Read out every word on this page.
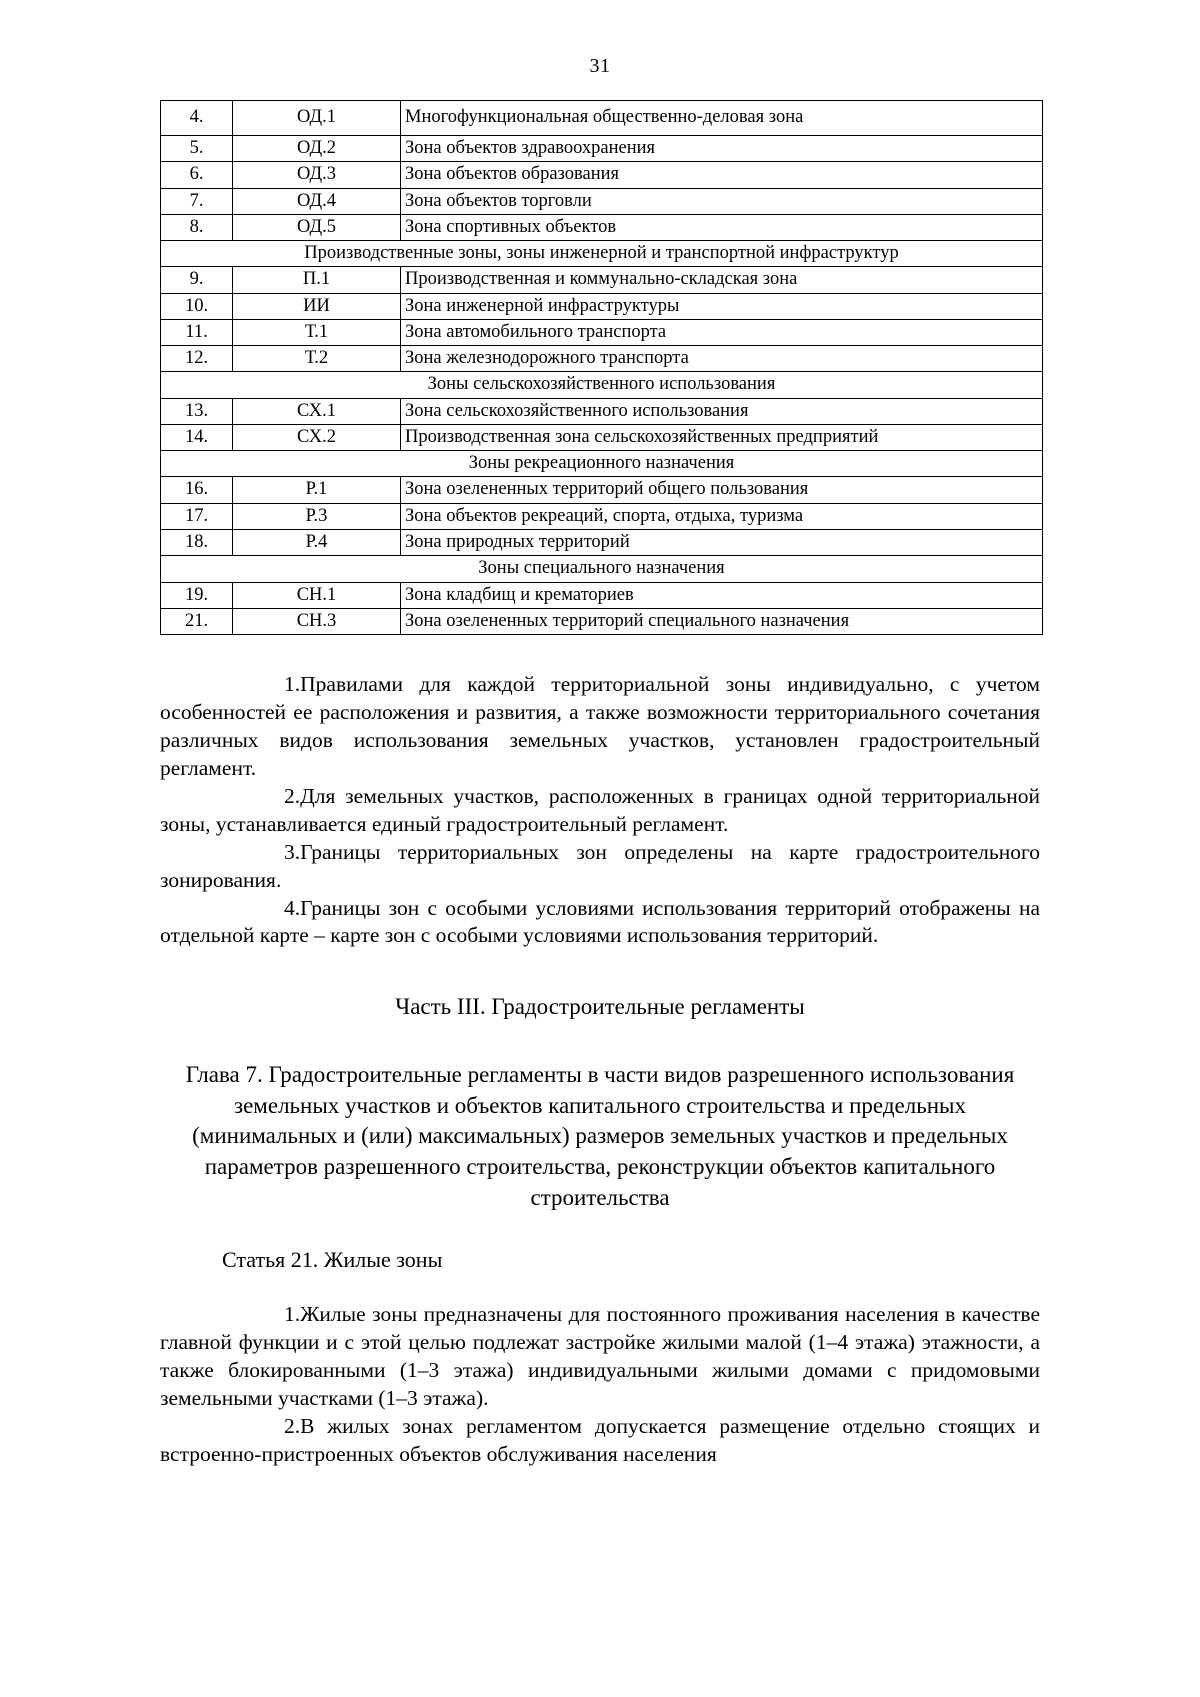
31
4.	ОД.1	Многофункциональная общественно-деловая зона
5.	ОД.2	Зона объектов здравоохранения
6.	ОД.3	Зона объектов образования
7.	ОД.4	Зона объектов торговли
8.	ОД.5	Зона спортивных объектов
Производственные зоны, зоны инженерной и транспортной инфраструктур		
9.	П.1	Производственная и коммунально-складская зона
10.	ИИ	Зона инженерной инфраструктуры
11.	Т.1	Зона автомобильного транспорта
12.	Т.2	Зона железнодорожного транспорта
Зоны сельскохозяйственного использования		
13.	СХ.1	Зона сельскохозяйственного использования
14.	СХ.2	Производственная зона сельскохозяйственных предприятий
Зоны рекреационного назначения		
16.	Р.1	Зона озелененных территорий общего пользования
17.	Р.3	Зона объектов рекреаций, спорта, отдыха, туризма
18.	Р.4	Зона природных территорий
Зоны специального назначения		
19.	СН.1	Зона кладбищ и крематориев
21.	СН.3	Зона озелененных территорий специального назначения

1.Правилами для каждой территориальной зоны индивидуально, с учетом особенностей ее расположения и развития, а также возможности территориального сочетания различных видов использования земельных участков, установлен градостроительный регламент.

2.Для земельных участков, расположенных в границах одной территориальной зоны, устанавливается единый градостроительный регламент.

3.Границы территориальных зон определены на карте градостроительного зонирования.

4.Границы зон с особыми условиями использования территорий отображены на отдельной карте – карте зон с особыми условиями использования территорий.

Часть III. Градостроительные регламенты
Глава 7. Градостроительные регламенты в части видов разрешенного использования земельных участков и объектов капитального строительства и предельных (минимальных и (или) максимальных) размеров земельных участков и предельных параметров разрешенного строительства, реконструкции объектов капитального строительства

Статья 21. Жилые зоны

1.Жилые зоны предназначены для постоянного проживания населения в качестве главной функции и с этой целью подлежат застройке жилыми малой (1–4 этажа) этажности, а также блокированными (1–3 этажа) индивидуальными жилыми домами с придомовыми земельными участками (1–3 этажа).

2.В жилых зонах регламентом допускается размещение отдельно стоящих и встроенно-пристроенных объектов обслуживания населения
